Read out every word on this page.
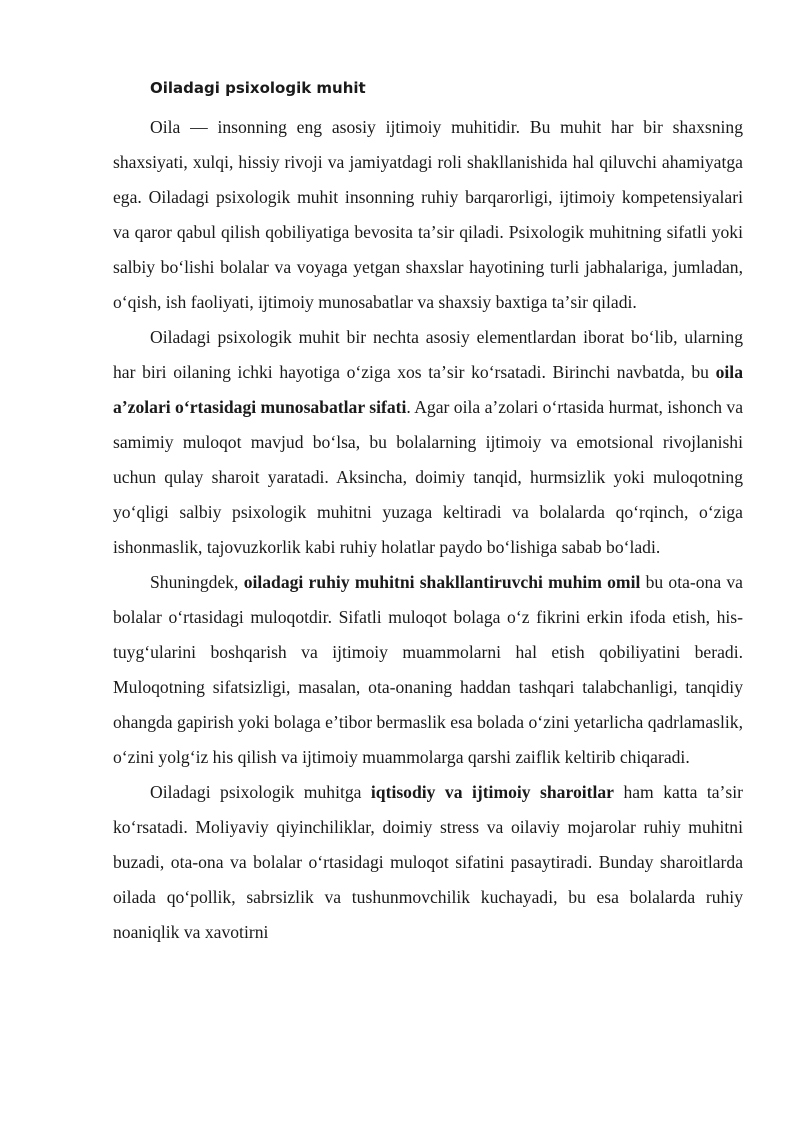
Oiladagi psixologik muhit

Oila — insonning eng asosiy ijtimoiy muhitidir. Bu muhit har bir shaxsning shaxsiyati, xulqi, hissiy rivoji va jamiyatdagi roli shakllanishida hal qiluvchi ahamiyatga ega. Oiladagi psixologik muhit insonning ruhiy barqarorligi, ijtimoiy kompetensiyalari va qaror qabul qilish qobiliyatiga bevosita taʼsir qiladi. Psixologik muhitning sifatli yoki salbiy boʻlishi bolalar va voyaga yetgan shaxslar hayotining turli jabhalariga, jumladan, oʻqish, ish faoliyati, ijtimoiy munosabatlar va shaxsiy baxtiga taʼsir qiladi.

Oiladagi psixologik muhit bir nechta asosiy elementlardan iborat boʻlib, ularning har biri oilaning ichki hayotiga oʻziga xos taʼsir koʻrsatadi. Birinchi navbatda, bu oila aʼzolari oʻrtasidagi munosabatlar sifati. Agar oila aʼzolari oʻrtasida hurmat, ishonch va samimiy muloqot mavjud boʻlsa, bu bolalarning ijtimoiy va emotsional rivojlanishi uchun qulay sharoit yaratadi. Aksincha, doimiy tanqid, hurmsizlik yoki muloqotning yoʻqligi salbiy psixologik muhitni yuzaga keltiradi va bolalarda qoʻrqinch, oʻziga ishonmaslik, tajovuzkorlik kabi ruhiy holatlar paydo boʻlishiga sabab boʻladi.

Shuningdek, oiladagi ruhiy muhitni shakllantiruvchi muhim omil bu ota-ona va bolalar oʻrtasidagi muloqotdir. Sifatli muloqot bolaga oʻz fikrini erkin ifoda etish, his-tuygʻularini boshqarish va ijtimoiy muammolarni hal etish qobiliyatini beradi. Muloqotning sifatsizligi, masalan, ota-onaning haddan tashqari talabchanligi, tanqidiy ohangda gapirish yoki bolaga eʼtibor bermaslik esa bolada oʻzini yetarlicha qadrlamaslik, oʻzini yolgʻiz his qilish va ijtimoiy muammolarga qarshi zaiflik keltirib chiqaradi.

Oiladagi psixologik muhitga iqtisodiy va ijtimoiy sharoitlar ham katta taʼsir koʻrsatadi. Moliyaviy qiyinchiliklar, doimiy stress va oilaviy mojarolar ruhiy muhitni buzadi, ota-ona va bolalar oʻrtasidagi muloqot sifatini pasaytiradi. Bunday sharoitlarda oilada qoʻpollik, sabrsizlik va tushunmovchilik kuchayadi, bu esa bolalarda ruhiy noaniqlik va xavotirni
